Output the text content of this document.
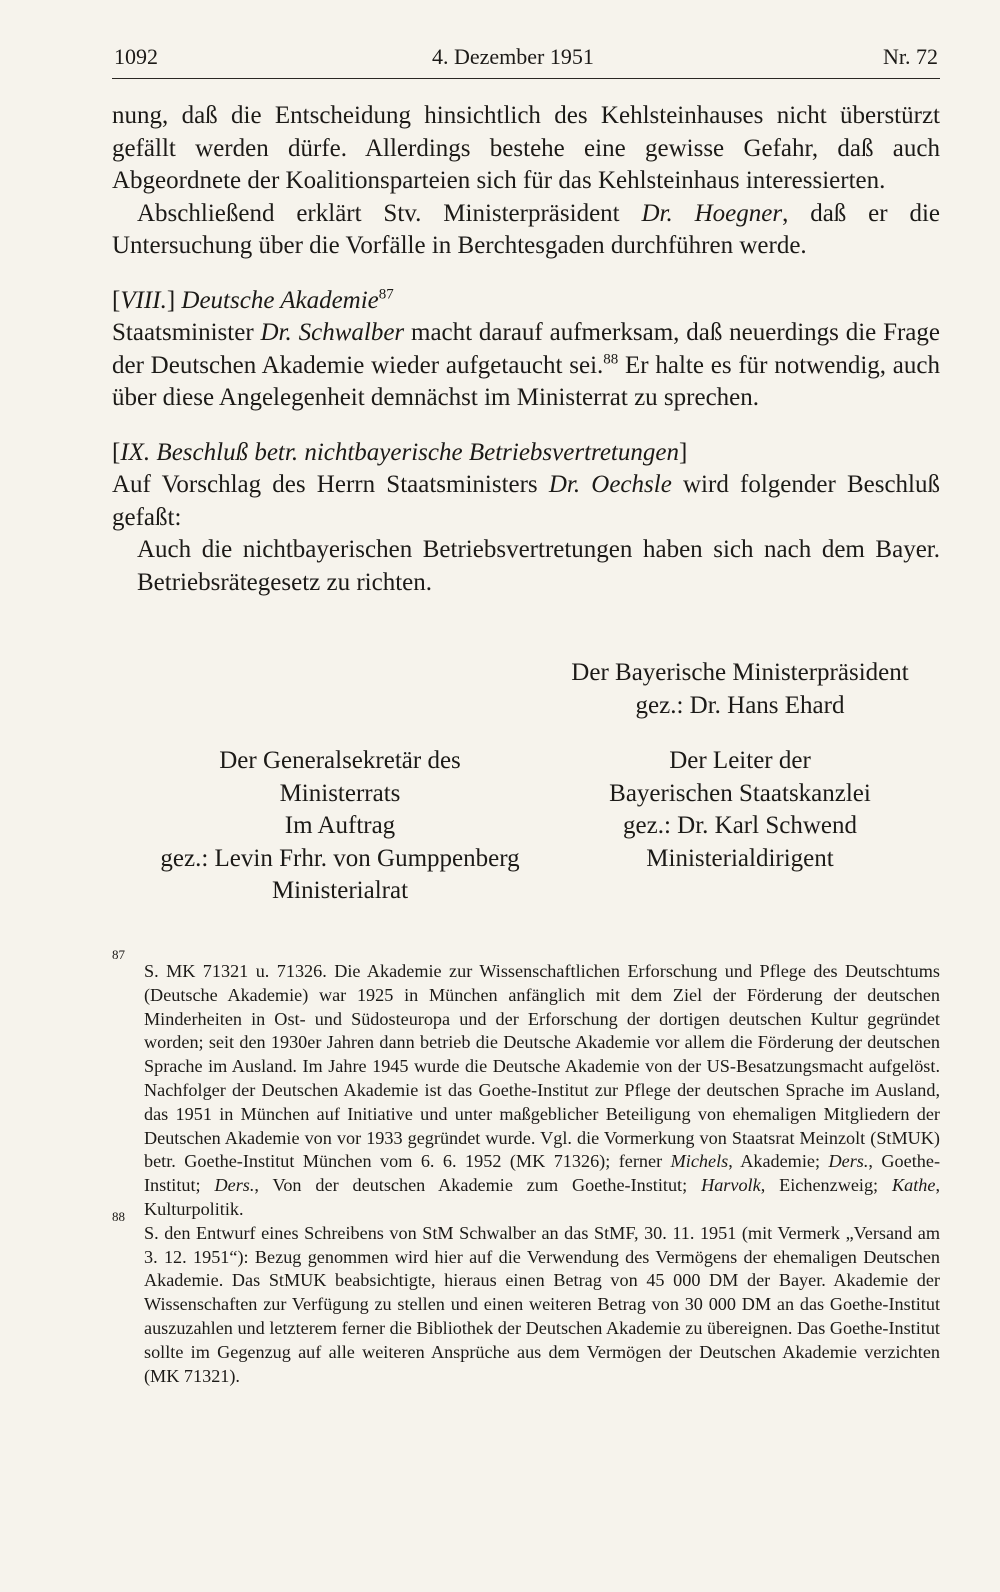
1092	4. Dezember 1951	Nr. 72

nung, daß die Entscheidung hinsichtlich des Kehlsteinhauses nicht überstürzt gefällt werden dürfe. Allerdings bestehe eine gewisse Gefahr, daß auch Abgeordnete der Koalitionsparteien sich für das Kehlsteinhaus interessierten.

Abschließend erklärt Stv. Ministerpräsident Dr. Hoegner, daß er die Untersuchung über die Vorfälle in Berchtesgaden durchführen werde.

[VIII.] Deutsche Akademie$^{87}$

Staatsminister Dr. Schwalber macht darauf aufmerksam, daß neuerdings die Frage der Deutschen Akademie wieder aufgetaucht sei.$^{88}$ Er halte es für notwendig, auch über diese Angelegenheit demnächst im Ministerrat zu sprechen.

[IX. Beschluß betr. nichtbayerische Betriebsvertretungen]

Auf Vorschlag des Herrn Staatsministers Dr. Oechsle wird folgender Beschluß gefaßt:

Auch die nichtbayerischen Betriebsvertretungen haben sich nach dem Bayer. Betriebsrätegesetz zu richten.

Der Bayerische Ministerpräsident
gez.: Dr. Hans Ehard
Der Generalsekretär des
Ministerrats
Im Auftrag
gez.: Levin Frhr. von Gumppenberg
Ministerialrat
Der Leiter der
Bayerischen Staatskanzlei
gez.: Dr. Karl Schwend
Ministerialdirigent

87
S. MK 71321 u. 71326. Die Akademie zur Wissenschaftlichen Erforschung und Pflege des Deutschtums (Deutsche Akademie) war 1925 in München anfänglich mit dem Ziel der Förderung der deutschen Minderheiten in Ost- und Südosteuropa und der Erforschung der dortigen deutschen Kultur gegründet worden; seit den 1930er Jahren dann betrieb die Deutsche Akademie vor allem die Förderung der deutschen Sprache im Ausland. Im Jahre 1945 wurde die Deutsche Akademie von der US-Besatzungsmacht aufgelöst. Nachfolger der Deutschen Akademie ist das Goethe-Institut zur Pflege der deutschen Sprache im Ausland, das 1951 in München auf Initiative und unter maßgeblicher Beteiligung von ehemaligen Mitgliedern der Deutschen Akademie von vor 1933 gegründet wurde. Vgl. die Vormerkung von Staatsrat Meinzolt (StMUK) betr. Goethe-Institut München vom 6. 6. 1952 (MK 71326); ferner Michels, Akademie; Ders., Goethe-Institut; Ders., Von der deutschen Akademie zum Goethe-Institut; Harvolk, Eichenzweig; Kathe, Kulturpolitik.

88
S. den Entwurf eines Schreibens von StM Schwalber an das StMF, 30. 11. 1951 (mit Vermerk „Versand am 3. 12. 1951“): Bezug genommen wird hier auf die Verwendung des Vermögens der ehemaligen Deutschen Akademie. Das StMUK beabsichtigte, hieraus einen Betrag von 45 000 DM der Bayer. Akademie der Wissenschaften zur Verfügung zu stellen und einen weiteren Betrag von 30 000 DM an das Goethe-Institut auszuzahlen und letzterem ferner die Bibliothek der Deutschen Akademie zu übereignen. Das Goethe-Institut sollte im Gegenzug auf alle weiteren Ansprüche aus dem Vermögen der Deutschen Akademie verzichten (MK 71321).
